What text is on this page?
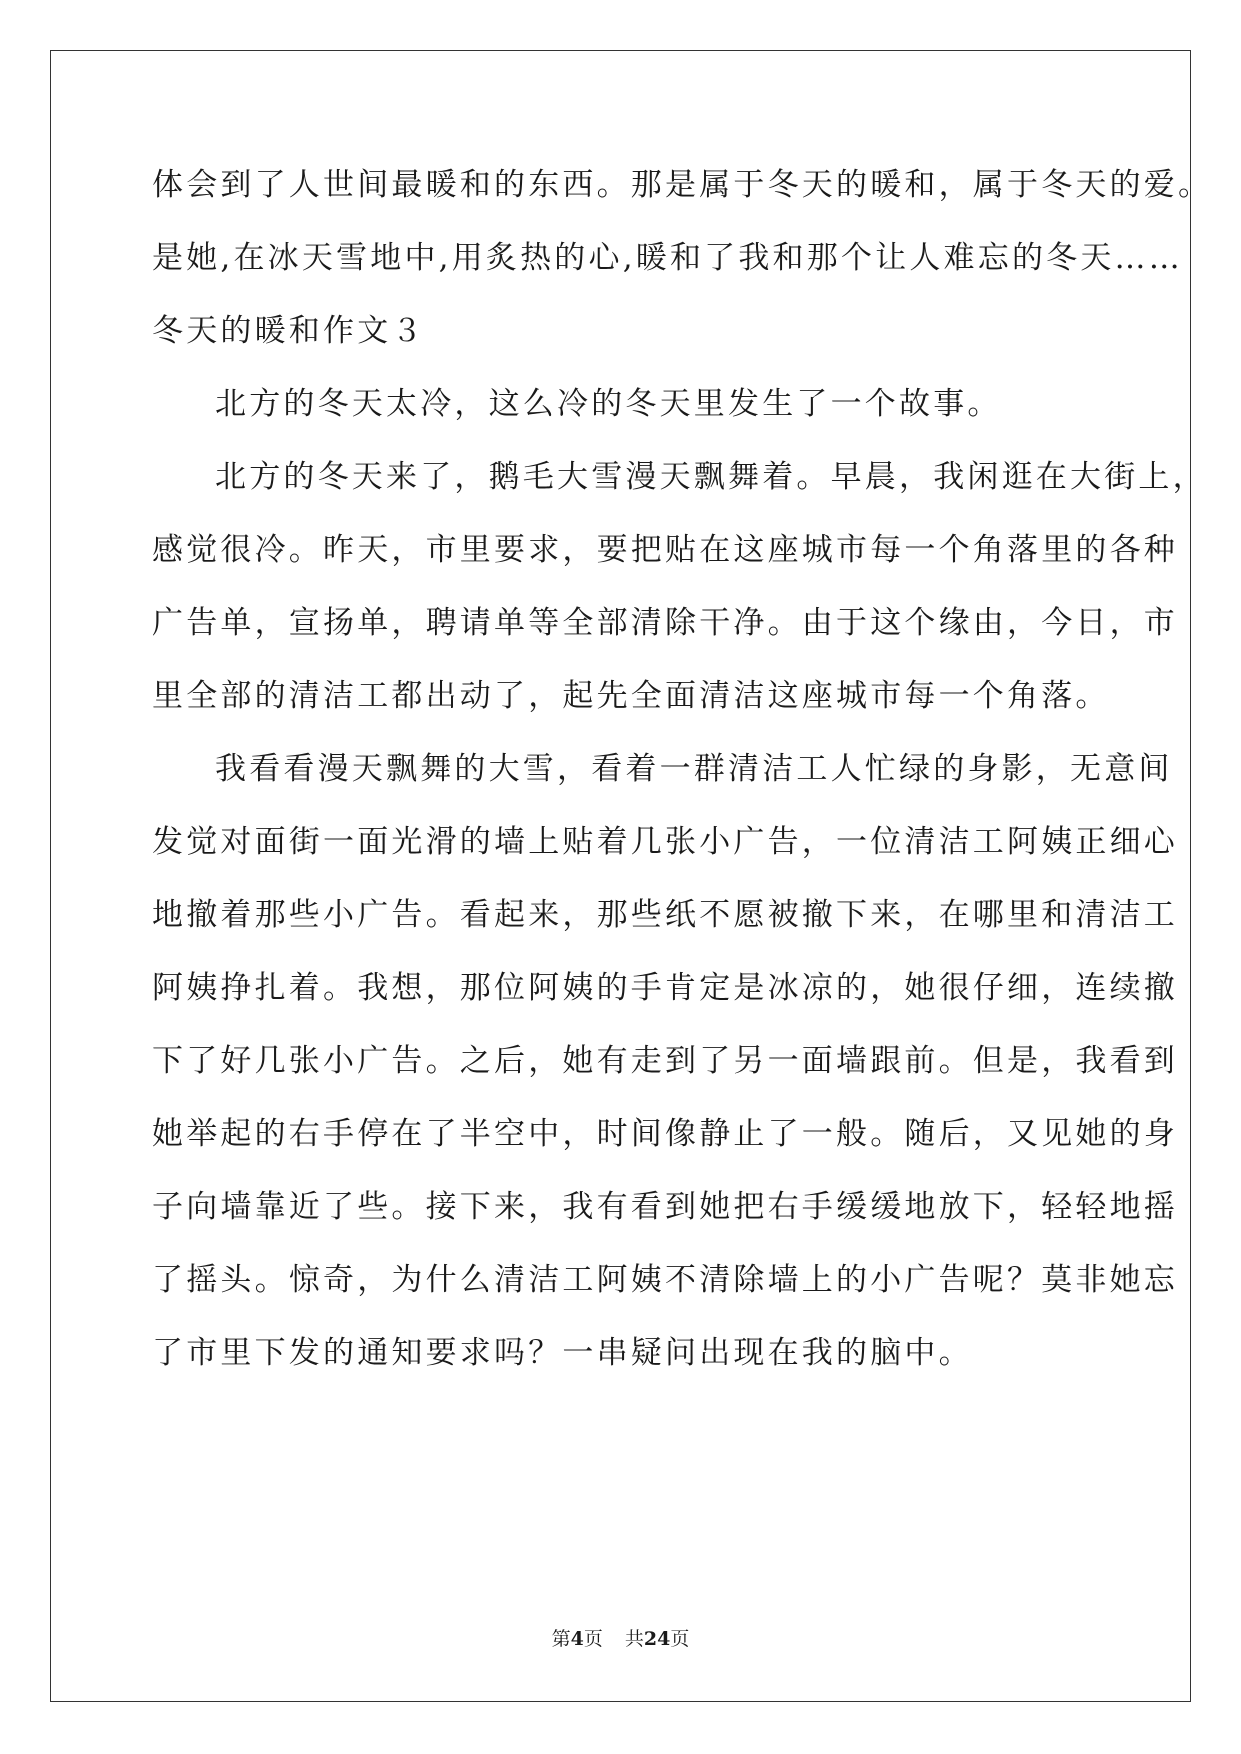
体会到了人世间最暖和的东西。那是属于冬天的暖和，属于冬天的爱。
是她,在冰天雪地中,用炙热的心,暖和了我和那个让人难忘的冬天……
冬天的暖和作文３
北方的冬天太冷，这么冷的冬天里发生了一个故事。
北方的冬天来了，鹅毛大雪漫天飘舞着。早晨，我闲逛在大街上，
感觉很冷。昨天，市里要求，要把贴在这座城市每一个角落里的各种
广告单，宣扬单，聘请单等全部清除干净。由于这个缘由，今日，市
里全部的清洁工都出动了，起先全面清洁这座城市每一个角落。
我看看漫天飘舞的大雪，看着一群清洁工人忙绿的身影，无意间
发觉对面街一面光滑的墙上贴着几张小广告，一位清洁工阿姨正细心
地撤着那些小广告。看起来，那些纸不愿被撤下来，在哪里和清洁工
阿姨挣扎着。我想，那位阿姨的手肯定是冰凉的，她很仔细，连续撤
下了好几张小广告。之后，她有走到了另一面墙跟前。但是，我看到
她举起的右手停在了半空中，时间像静止了一般。随后，又见她的身
子向墙靠近了些。接下来，我有看到她把右手缓缓地放下，轻轻地摇
了摇头。惊奇，为什么清洁工阿姨不清除墙上的小广告呢？莫非她忘
了市里下发的通知要求吗？一串疑问出现在我的脑中。
第4页 共24页
